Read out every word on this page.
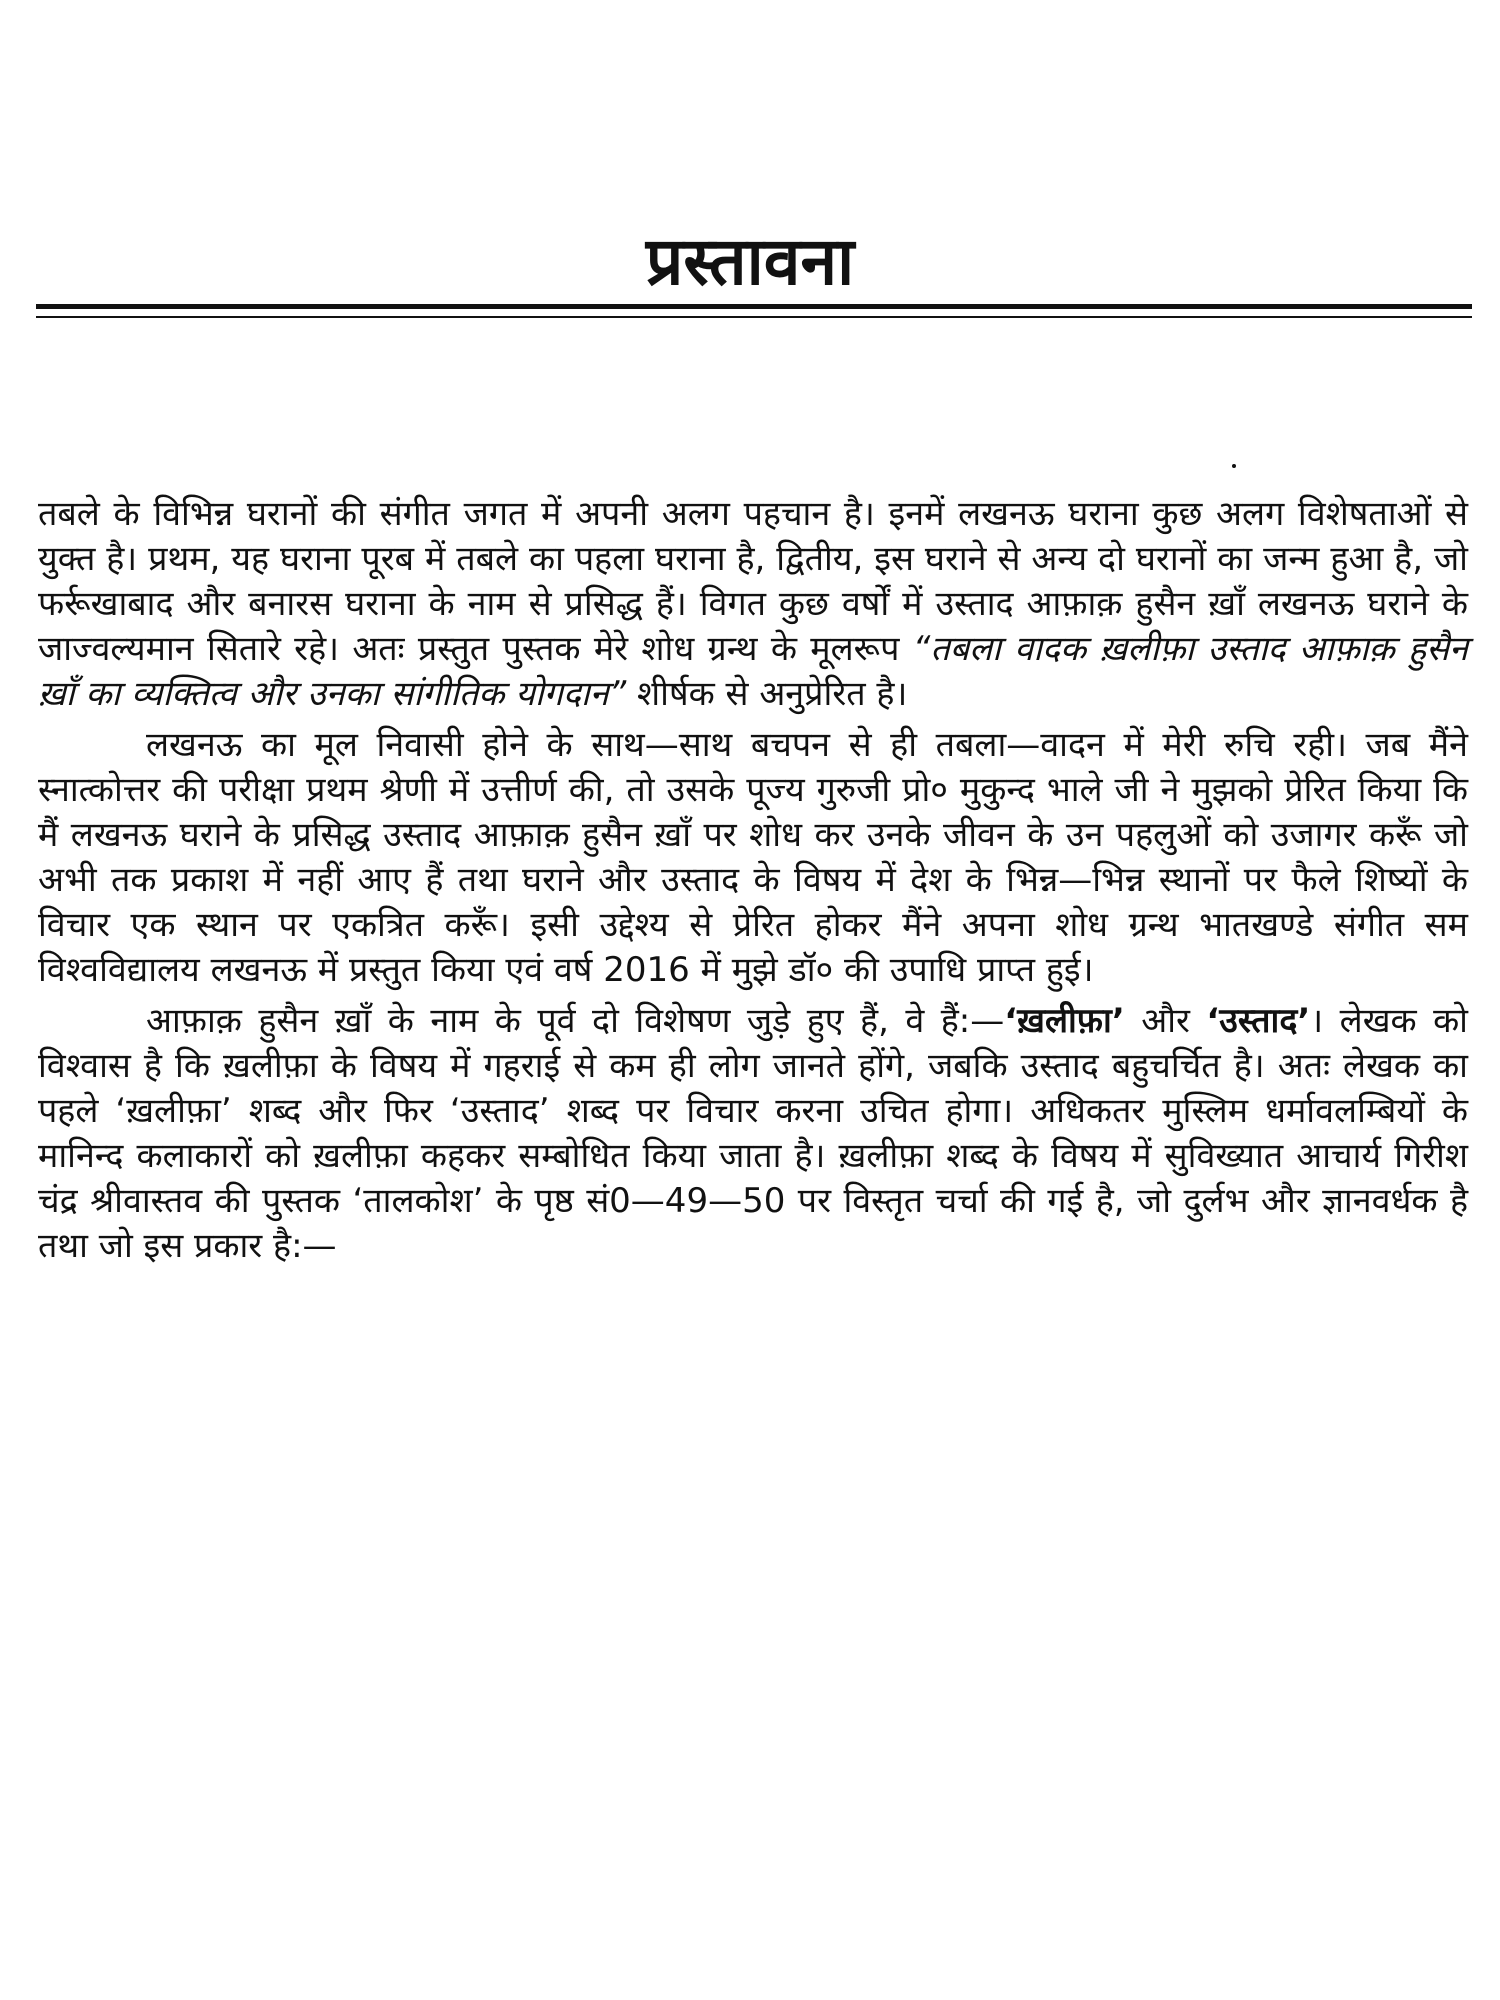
प्रस्तावना

तबले के विभिन्न घरानों की संगीत जगत में अपनी अलग पहचान है। इनमें लखनऊ घराना कुछ अलग विशेषताओं से युक्त है। प्रथम, यह घराना पूरब में तबले का पहला घराना है, द्वितीय, इस घराने से अन्य दो घरानों का जन्म हुआ है, जो फर्रूखाबाद और बनारस घराना के नाम से प्रसिद्ध हैं। विगत कुछ वर्षों में उस्ताद आफ़ाक़ हुसैन ख़ाँ लखनऊ घराने के जाज्वल्यमान सितारे रहे। अतः प्रस्तुत पुस्तक मेरे शोध ग्रन्थ के मूलरूप “तबला वादक ख़लीफ़ा उस्ताद आफ़ाक़ हुसैन ख़ाँ का व्यक्तित्व और उनका सांगीतिक योगदान” शीर्षक से अनुप्रेरित है।

लखनऊ का मूल निवासी होने के साथ—साथ बचपन से ही तबला—वादन में मेरी रुचि रही। जब मैंने स्नात्कोत्तर की परीक्षा प्रथम श्रेणी में उत्तीर्ण की, तो उसके पूज्य गुरुजी प्रो० मुकुन्द भाले जी ने मुझको प्रेरित किया कि मैं लखनऊ घराने के प्रसिद्ध उस्ताद आफ़ाक़ हुसैन ख़ाँ पर शोध कर उनके जीवन के उन पहलुओं को उजागर करूँ जो अभी तक प्रकाश में नहीं आए हैं तथा घराने और उस्ताद के विषय में देश के भिन्न—भिन्न स्थानों पर फैले शिष्यों के विचार एक स्थान पर एकत्रित करूँ। इसी उद्देश्य से प्रेरित होकर मैंने अपना शोध ग्रन्थ भातखण्डे संगीत सम विश्वविद्यालय लखनऊ में प्रस्तुत किया एवं वर्ष 2016 में मुझे डॉ० की उपाधि प्राप्त हुई।

आफ़ाक़ हुसैन ख़ाँ के नाम के पूर्व दो विशेषण जुड़े हुए हैं, वे हैं:—‘ख़लीफ़ा’ और ‘उस्ताद’। लेखक को विश्वास है कि ख़लीफ़ा के विषय में गहराई से कम ही लोग जानते होंगे, जबकि उस्ताद बहुचर्चित है। अतः लेखक का पहले ‘ख़लीफ़ा’ शब्द और फिर ‘उस्ताद’ शब्द पर विचार करना उचित होगा। अधिकतर मुस्लिम धर्मावलम्बियों के मानिन्द कलाकारों को ख़लीफ़ा कहकर सम्बोधित किया जाता है। ख़लीफ़ा शब्द के विषय में सुविख्यात आचार्य गिरीश चंद्र श्रीवास्तव की पुस्तक ‘तालकोश’ के पृष्ठ सं0—49—50 पर विस्तृत चर्चा की गई है, जो दुर्लभ और ज्ञानवर्धक है तथा जो इस प्रकार है:—
